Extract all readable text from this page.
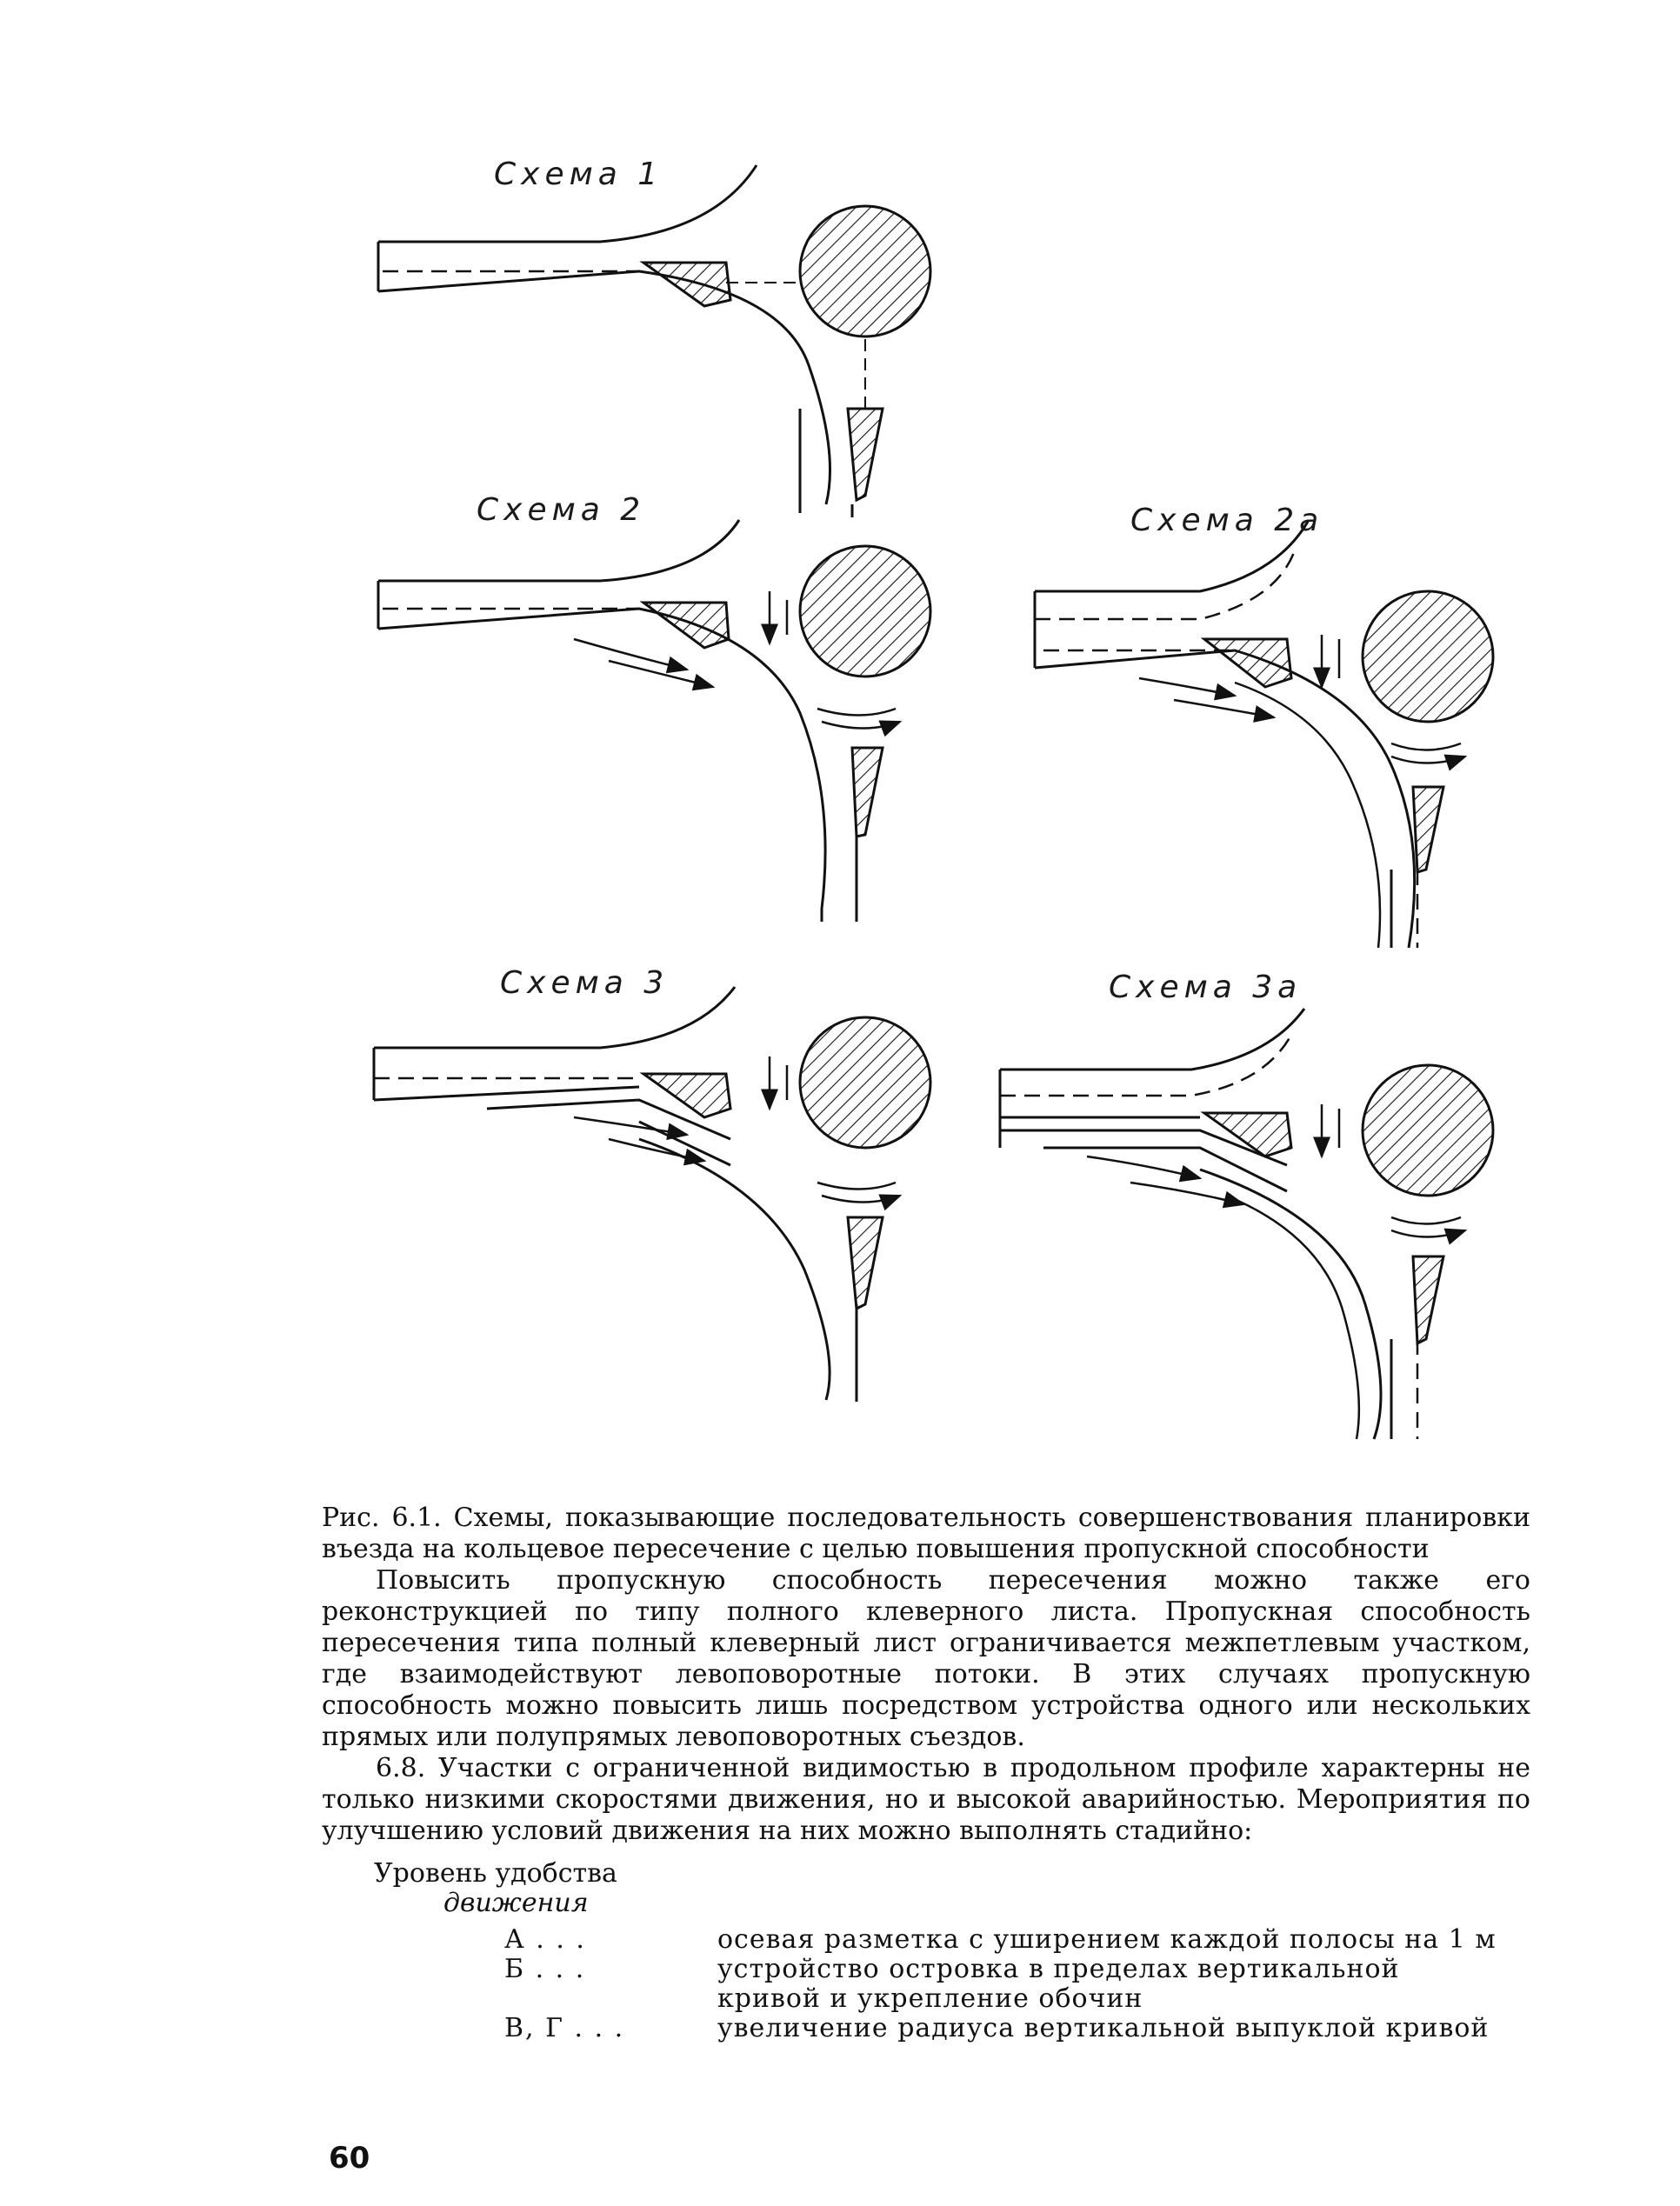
Схема 1
Схема 2	Схема 2а
Схема 3	Схема 3а

Рис. 6.1. Схемы, показывающие последовательность совершенствования планировки въезда на кольцевое пересечение с целью повышения пропускной способности

Повысить пропускную способность пересечения можно также его реконструкцией по типу полного клеверного листа. Пропускная способность пересечения типа полный клеверный лист ограничивается межпетлевым участком, где взаимодействуют левоповоротные потоки. В этих случаях пропускную способность можно повысить лишь посредством устройства одного или нескольких прямых или полупрямых левоповоротных съездов.

6.8. Участки с ограниченной видимостью в продольном профиле характерны не только низкими скоростями движения, но и высокой аварийностью. Мероприятия по улучшению условий движения на них можно выполнять стадийно:

Уровень удобства
движения
А . . .	осевая разметка с уширением каждой полосы на 1 м
Б . . .	устройство островка в пределах вертикальной кривой и укрепление обочин
В, Г . . .	увеличение радиуса вертикальной выпуклой кривой
60
